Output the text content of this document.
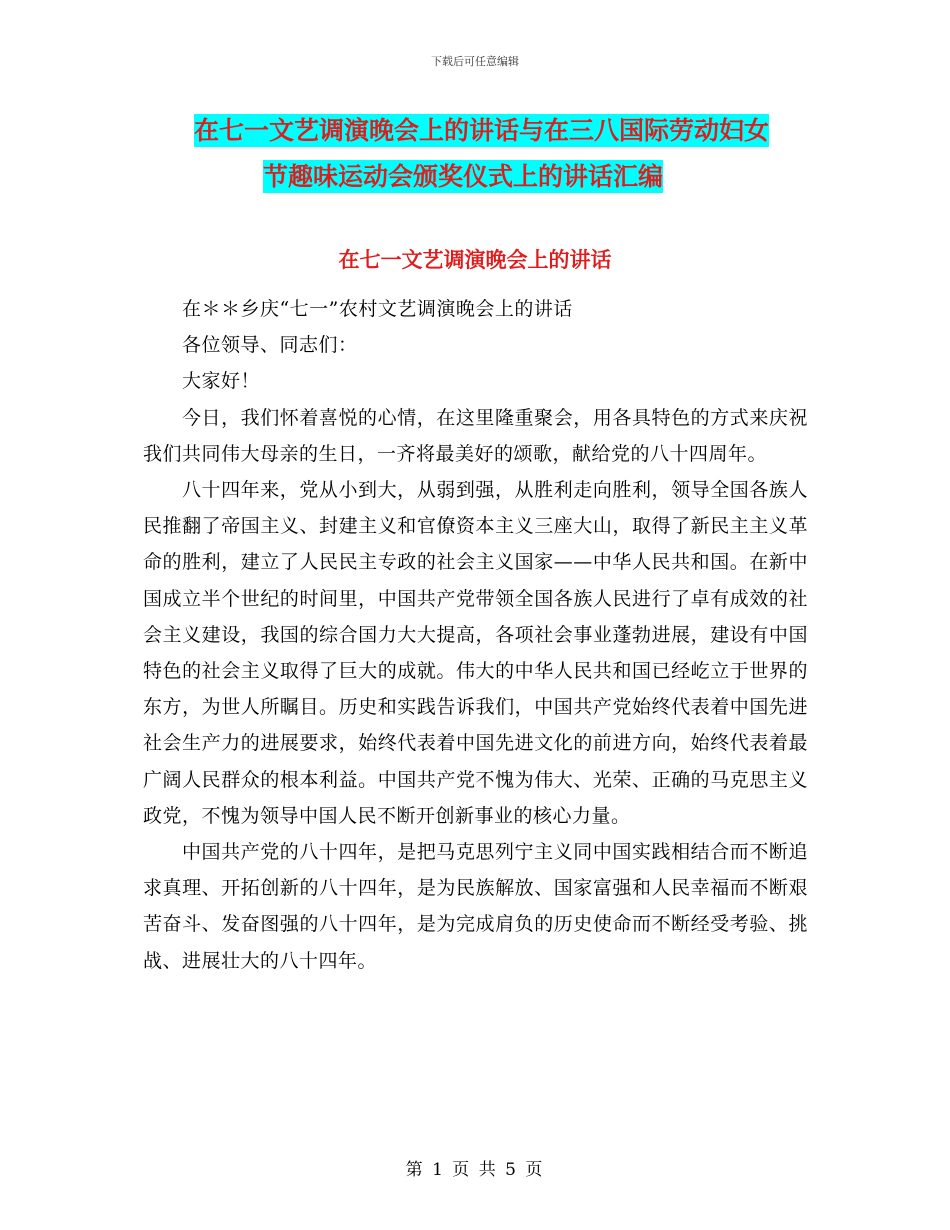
下载后可任意编辑
在七一文艺调演晚会上的讲话与在三八国际劳动妇女
节趣味运动会颁奖仪式上的讲话汇编
在七一文艺调演晚会上的讲话

在＊＊乡庆“七一”农村文艺调演晚会上的讲话

各位领导、同志们：

大家好！

今日，我们怀着喜悦的心情，在这里隆重聚会，用各具特色的方式来庆祝我们共同伟大母亲的生日，一齐将最美好的颂歌，献给党的八十四周年。

八十四年来，党从小到大，从弱到强，从胜利走向胜利，领导全国各族人民推翻了帝国主义、封建主义和官僚资本主义三座大山，取得了新民主主义革命的胜利，建立了人民民主专政的社会主义国家——中华人民共和国。在新中国成立半个世纪的时间里，中国共产党带领全国各族人民进行了卓有成效的社会主义建设，我国的综合国力大大提高，各项社会事业蓬勃进展，建设有中国特色的社会主义取得了巨大的成就。伟大的中华人民共和国已经屹立于世界的东方，为世人所瞩目。历史和实践告诉我们，中国共产党始终代表着中国先进社会生产力的进展要求，始终代表着中国先进文化的前进方向，始终代表着最广阔人民群众的根本利益。中国共产党不愧为伟大、光荣、正确的马克思主义政党，不愧为领导中国人民不断开创新事业的核心力量。

中国共产党的八十四年，是把马克思列宁主义同中国实践相结合而不断追求真理、开拓创新的八十四年，是为民族解放、国家富强和人民幸福而不断艰苦奋斗、发奋图强的八十四年，是为完成肩负的历史使命而不断经受考验、挑战、进展壮大的八十四年。

第 1 页 共 5 页
